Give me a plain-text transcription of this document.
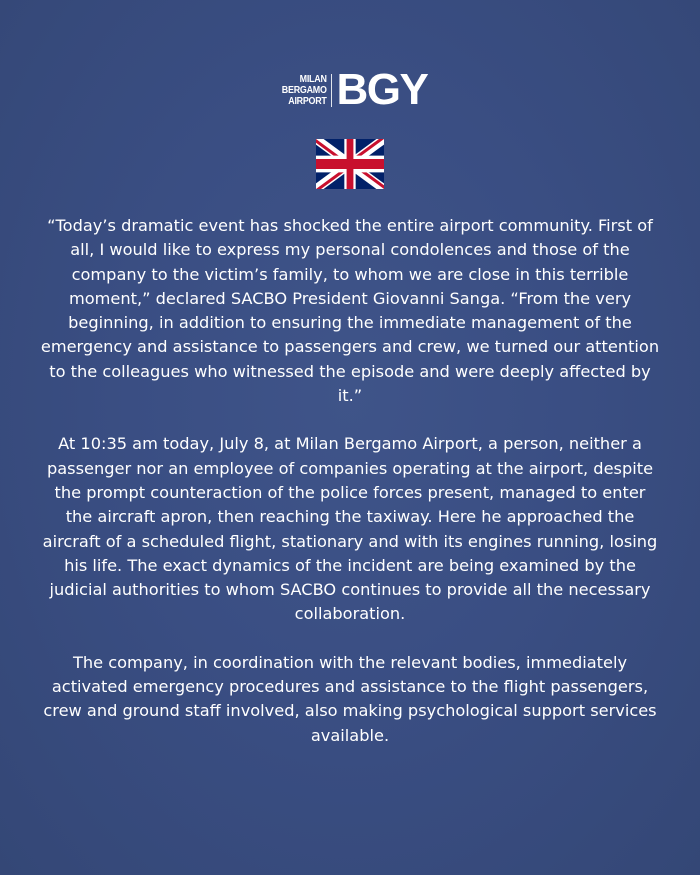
MILAN
BERGAMO
AIRPORT BGY

“Today’s dramatic event has shocked the entire airport community. First of all, I would like to express my personal condolences and those of the company to the victim’s family, to whom we are close in this terrible moment,” declared SACBO President Giovanni Sanga. “From the very beginning, in addition to ensuring the immediate management of the emergency and assistance to passengers and crew, we turned our attention to the colleagues who witnessed the episode and were deeply affected by it.”

At 10:35 am today, July 8, at Milan Bergamo Airport, a person, neither a passenger nor an employee of companies operating at the airport, despite the prompt counteraction of the police forces present, managed to enter the aircraft apron, then reaching the taxiway. Here he approached the aircraft of a scheduled flight, stationary and with its engines running, losing his life. The exact dynamics of the incident are being examined by the judicial authorities to whom SACBO continues to provide all the necessary collaboration.

The company, in coordination with the relevant bodies, immediately activated emergency procedures and assistance to the flight passengers, crew and ground staff involved, also making psychological support services available.
